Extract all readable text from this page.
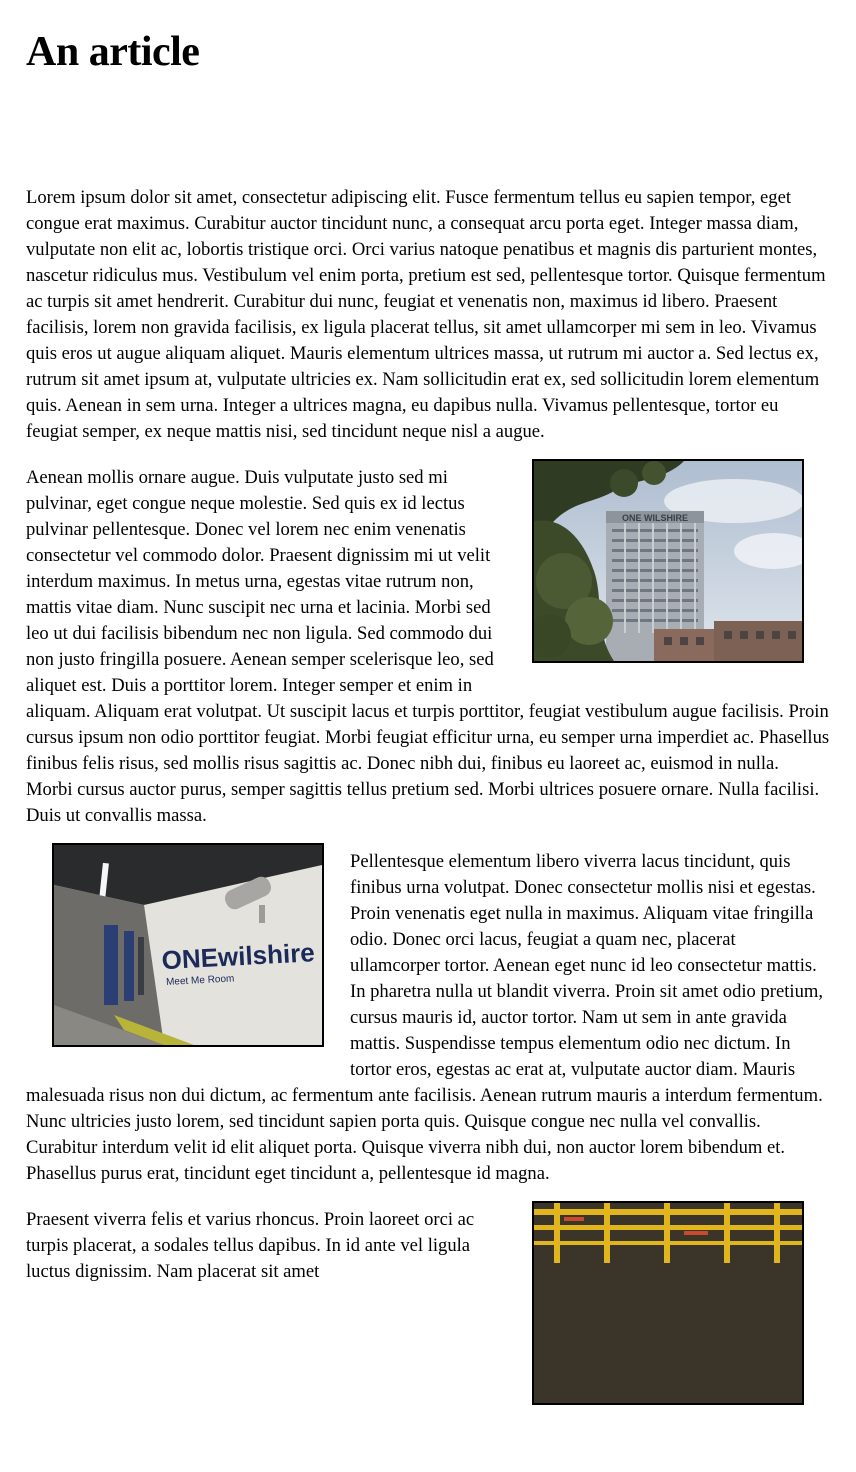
An article

Lorem ipsum dolor sit amet, consectetur adipiscing elit. Fusce fermentum tellus eu sapien tempor, eget congue erat maximus. Curabitur auctor tincidunt nunc, a consequat arcu porta eget. Integer massa diam, vulputate non elit ac, lobortis tristique orci. Orci varius natoque penatibus et magnis dis parturient montes, nascetur ridiculus mus. Vestibulum vel enim porta, pretium est sed, pellentesque tortor. Quisque fermentum ac turpis sit amet hendrerit. Curabitur dui nunc, feugiat et venenatis non, maximus id libero. Praesent facilisis, lorem non gravida facilisis, ex ligula placerat tellus, sit amet ullamcorper mi sem in leo. Vivamus quis eros ut augue aliquam aliquet. Mauris elementum ultrices massa, ut rutrum mi auctor a. Sed lectus ex, rutrum sit amet ipsum at, vulputate ultricies ex. Nam sollicitudin erat ex, sed sollicitudin lorem elementum quis. Aenean in sem urna. Integer a ultrices magna, eu dapibus nulla. Vivamus pellentesque, tortor eu feugiat semper, ex neque mattis nisi, sed tincidunt neque nisl a augue.

ONE WILSHIRE

Aenean mollis ornare augue. Duis vulputate justo sed mi pulvinar, eget congue neque molestie. Sed quis ex id lectus pulvinar pellentesque. Donec vel lorem nec enim venenatis consectetur vel commodo dolor. Praesent dignissim mi ut velit interdum maximus. In metus urna, egestas vitae rutrum non, mattis vitae diam. Nunc suscipit nec urna et lacinia. Morbi sed leo ut dui facilisis bibendum nec non ligula. Sed commodo dui non justo fringilla posuere. Aenean semper scelerisque leo, sed aliquet est. Duis a porttitor lorem. Integer semper et enim in aliquam. Aliquam erat volutpat. Ut suscipit lacus et turpis porttitor, feugiat vestibulum augue facilisis. Proin cursus ipsum non odio porttitor feugiat. Morbi feugiat efficitur urna, eu semper urna imperdiet ac. Phasellus finibus felis risus, sed mollis risus sagittis ac. Donec nibh dui, finibus eu laoreet ac, euismod in nulla. Morbi cursus auctor purus, semper sagittis tellus pretium sed. Morbi ultrices posuere ornare. Nulla facilisi. Duis ut convallis massa.

ONEwilshire
Meet Me Room

Pellentesque elementum libero viverra lacus tincidunt, quis finibus urna volutpat. Donec consectetur mollis nisi et egestas. Proin venenatis eget nulla in maximus. Aliquam vitae fringilla odio. Donec orci lacus, feugiat a quam nec, placerat ullamcorper tortor. Aenean eget nunc id leo consectetur mattis. In pharetra nulla ut blandit viverra. Proin sit amet odio pretium, cursus mauris id, auctor tortor. Nam ut sem in ante gravida mattis. Suspendisse tempus elementum odio nec dictum. In tortor eros, egestas ac erat at, vulputate auctor diam. Mauris malesuada risus non dui dictum, ac fermentum ante facilisis. Aenean rutrum mauris a interdum fermentum. Nunc ultricies justo lorem, sed tincidunt sapien porta quis. Quisque congue nec nulla vel convallis. Curabitur interdum velit id elit aliquet porta. Quisque viverra nibh dui, non auctor lorem bibendum et. Phasellus purus erat, tincidunt eget tincidunt a, pellentesque id magna.

Praesent viverra felis et varius rhoncus. Proin laoreet orci ac turpis placerat, a sodales tellus dapibus. In id ante vel ligula luctus dignissim. Nam placerat sit amet
